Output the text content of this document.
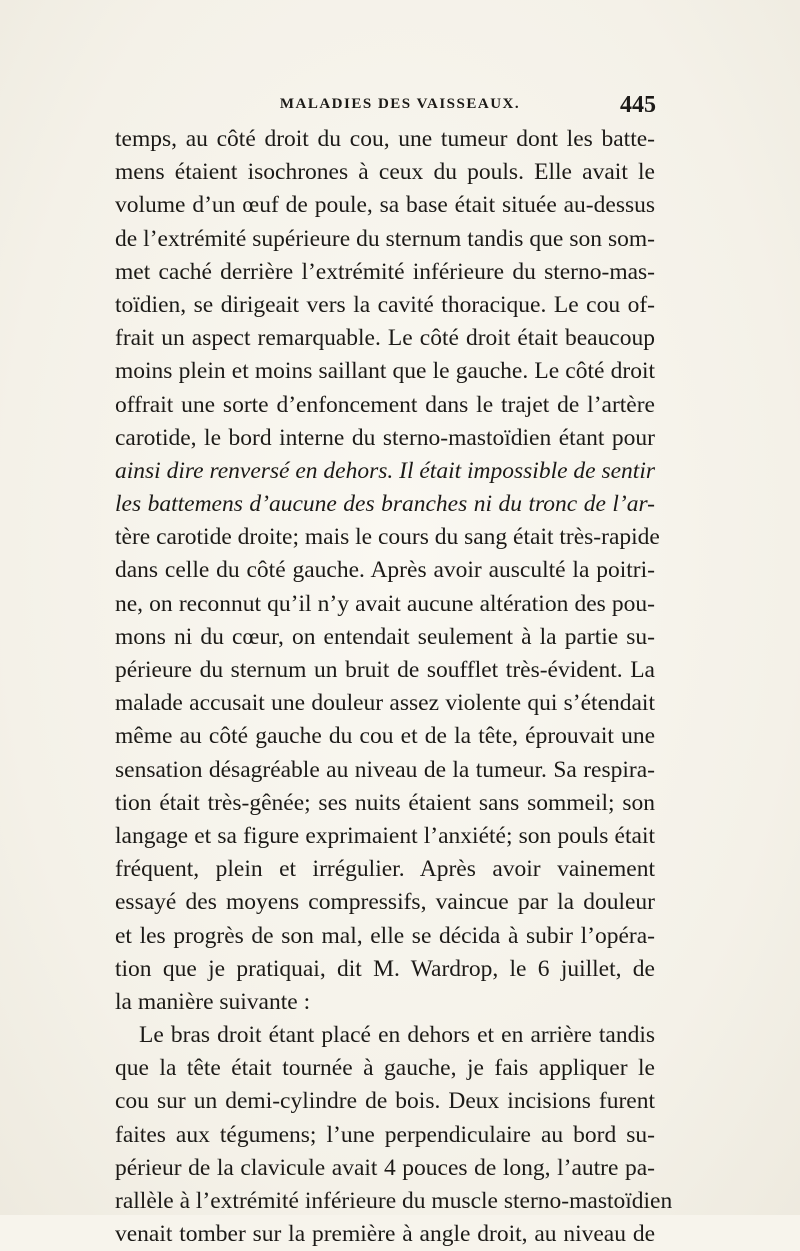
MALADIES DES VAISSEAUX.	445
temps, au côté droit du cou, une tumeur dont les batte-
mens étaient isochrones à ceux du pouls. Elle avait le
volume d’un œuf de poule, sa base était située au-dessus
de l’extrémité supérieure du sternum tandis que son som-
met caché derrière l’extrémité inférieure du sterno-mas-
toïdien, se dirigeait vers la cavité thoracique. Le cou of-
frait un aspect remarquable. Le côté droit était beaucoup
moins plein et moins saillant que le gauche. Le côté droit
offrait une sorte d’enfoncement dans le trajet de l’artère
carotide, le bord interne du sterno-mastoïdien étant pour
ainsi dire renversé en dehors. Il était impossible de sentir
les battemens d’aucune des branches ni du tronc de l’ar-
tère carotide droite; mais le cours du sang était très-rapide
dans celle du côté gauche. Après avoir ausculté la poitri-
ne, on reconnut qu’il n’y avait aucune altération des pou-
mons ni du cœur, on entendait seulement à la partie su-
périeure du sternum un bruit de soufflet très-évident. La
malade accusait une douleur assez violente qui s’étendait
même au côté gauche du cou et de la tête, éprouvait une
sensation désagréable au niveau de la tumeur. Sa respira-
tion était très-gênée; ses nuits étaient sans sommeil; son
langage et sa figure exprimaient l’anxiété; son pouls était
fréquent, plein et irrégulier. Après avoir vainement
essayé des moyens compressifs, vaincue par la douleur
et les progrès de son mal, elle se décida à subir l’opéra-
tion que je pratiquai, dit M. Wardrop, le 6 juillet, de
la manière suivante :
Le bras droit étant placé en dehors et en arrière tandis
que la tête était tournée à gauche, je fais appliquer le
cou sur un demi-cylindre de bois. Deux incisions furent
faites aux tégumens; l’une perpendiculaire au bord su-
périeur de la clavicule avait 4 pouces de long, l’autre pa-
rallèle à l’extrémité inférieure du muscle sterno-mastoïdien
venait tomber sur la première à angle droit, au niveau de
